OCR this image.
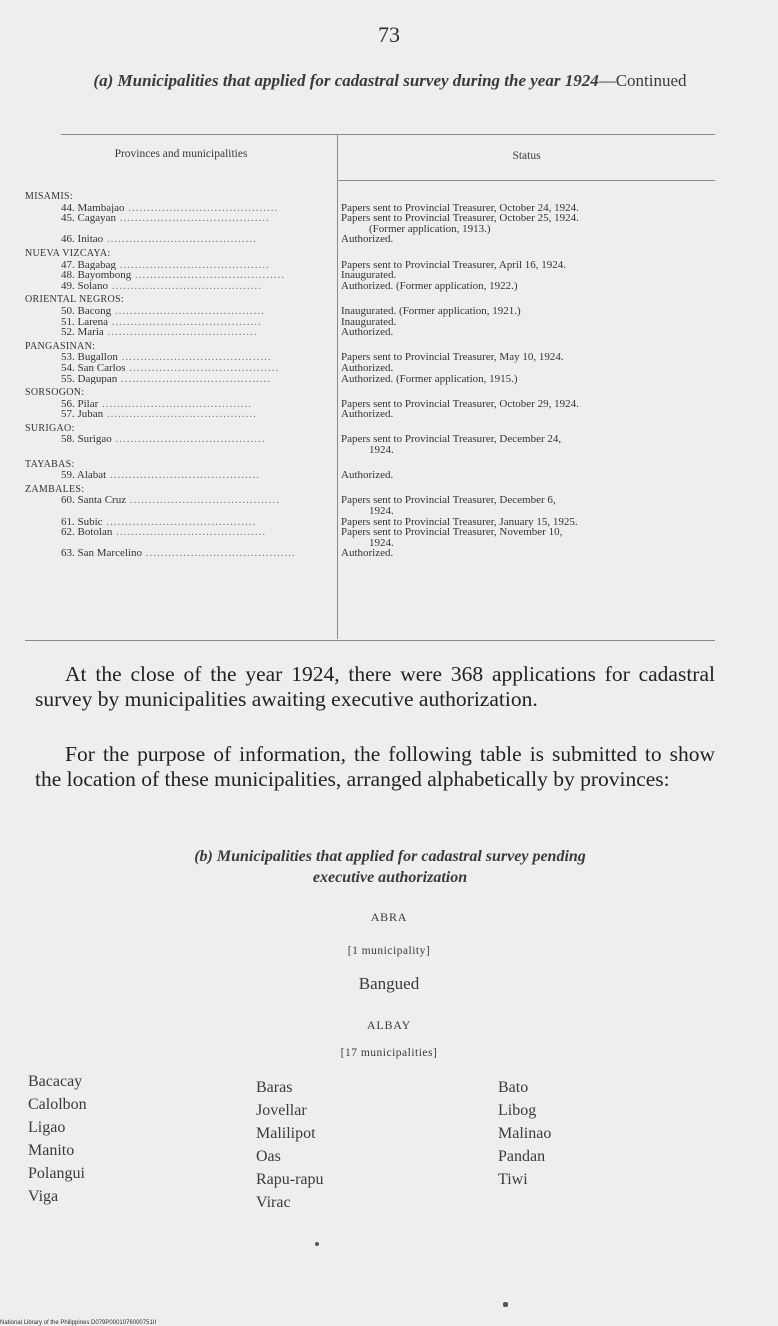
73
(a) Municipalities that applied for cadastral survey during the year 1924—Continued
Provinces and municipalities	Status
MISAMIS:
44. Mambajao ........................................	Papers sent to Provincial Treasurer, October 24, 1924.
45. Cagayan ........................................	Papers sent to Provincial Treasurer, October 25, 1924.
(Former application, 1913.)
46. Initao ........................................	Authorized.
NUEVA VIZCAYA:
47. Bagabag ........................................	Papers sent to Provincial Treasurer, April 16, 1924.
48. Bayombong ........................................	Inaugurated.
49. Solano ........................................	Authorized. (Former application, 1922.)
ORIENTAL NEGROS:
50. Bacong ........................................	Inaugurated. (Former application, 1921.)
51. Larena ........................................	Inaugurated.
52. Maria ........................................	Authorized.
PANGASINAN:
53. Bugallon ........................................	Papers sent to Provincial Treasurer, May 10, 1924.
54. San Carlos ........................................	Authorized.
55. Dagupan ........................................	Authorized. (Former application, 1915.)
SORSOGON:
56. Pilar ........................................	Papers sent to Provincial Treasurer, October 29, 1924.
57. Juban ........................................	Authorized.
SURIGAO:
58. Surigao ........................................	Papers sent to Provincial Treasurer, December 24,
1924.
TAYABAS:
59. Alabat ........................................	Authorized.
ZAMBALES:
60. Santa Cruz ........................................	Papers sent to Provincial Treasurer, December 6,
1924.
61. Subic ........................................	Papers sent to Provincial Treasurer, January 15, 1925.
62. Botolan ........................................	Papers sent to Provincial Treasurer, November 10,
1924.
63. San Marcelino ........................................	Authorized.
At the close of the year 1924, there were 368 applications for cadastral survey by municipalities awaiting executive authorization.
For the purpose of information, the following table is submitted to show the location of these municipalities, arranged alphabetically by provinces:
(b) Municipalities that applied for cadastral survey pending
executive authorization
ABRA
[1 municipality]
Bangued
ALBAY
[17 municipalities]
Bacacay
Calolbon
Ligao
Manito
Polangui
Viga
Baras
Jovellar
Malilipot
Oas
Rapu-rapu
Virac
Bato
Libog
Malinao
Pandan
Tiwi
National Library of the Philippines D079P0001076000751II
